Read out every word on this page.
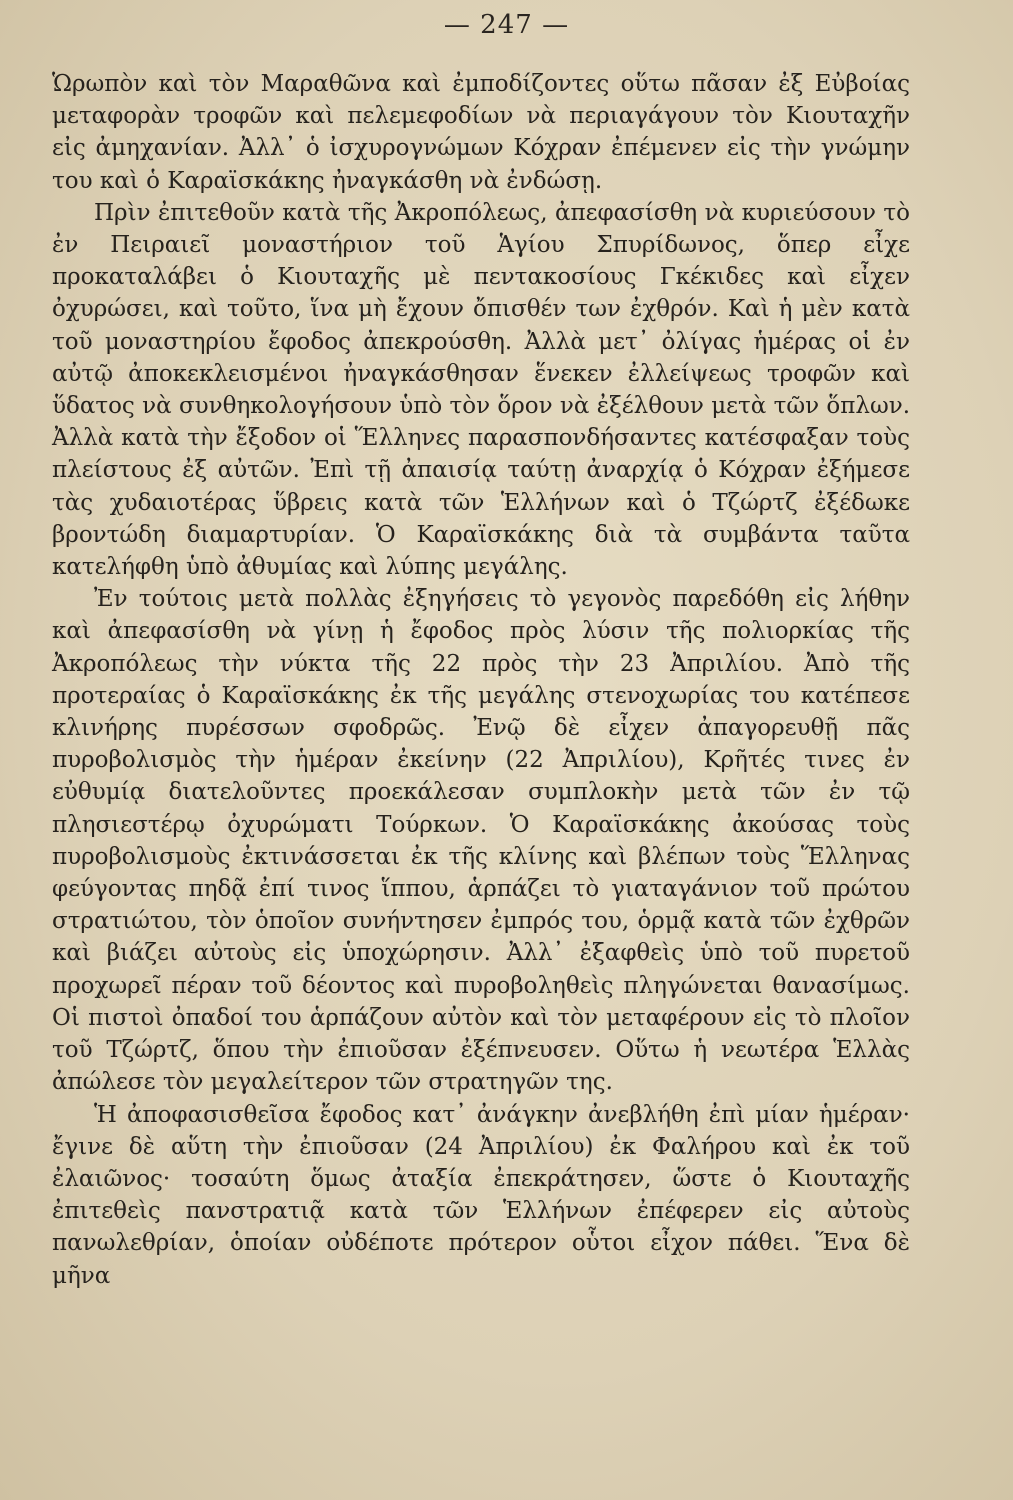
— 247 —

Ὡρωπὸν καὶ τὸν Μαραθῶνα καὶ ἐμποδίζοντες οὕτω πᾶσαν ἐξ Εὐβοίας μεταφορὰν τροφῶν καὶ πελεμεφοδίων νὰ περιαγάγουν τὸν Κιουταχῆν εἰς ἀμηχανίαν. Ἀλλ᾽ ὁ ἰσχυρογνώμων Κόχραν ἐπέμενεν εἰς τὴν γνώμην του καὶ ὁ Καραϊσκάκης ἠναγκάσθη νὰ ἐνδώσῃ.

Πρὶν ἐπιτεθοῦν κατὰ τῆς Ἀκροπόλεως, ἀπεφασίσθη νὰ κυριεύσουν τὸ ἐν Πειραιεῖ μοναστήριον τοῦ Ἁγίου Σπυρίδωνος, ὅπερ εἶχε προκαταλάβει ὁ Κιουταχῆς μὲ πεντακοσίους Γκέκιδες καὶ εἶχεν ὀχυρώσει, καὶ τοῦτο, ἵνα μὴ ἔχουν ὄπισθέν των ἐχθρόν. Καὶ ἡ μὲν κατὰ τοῦ μοναστηρίου ἔφοδος ἀπεκρούσθη. Ἀλλὰ μετ᾽ ὀλίγας ἡμέρας οἱ ἐν αὐτῷ ἀποκεκλεισμένοι ἠναγκάσθησαν ἕνεκεν ἐλλείψεως τροφῶν καὶ ὕδατος νὰ συνθηκολογήσουν ὑπὸ τὸν ὅρον νὰ ἐξέλθουν μετὰ τῶν ὅπλων. Ἀλλὰ κατὰ τὴν ἔξοδον οἱ Ἕλληνες παρασπονδήσαντες κατέσφαξαν τοὺς πλείστους ἐξ αὐτῶν. Ἐπὶ τῇ ἀπαισίᾳ ταύτῃ ἀναρχίᾳ ὁ Κόχραν ἐξήμεσε τὰς χυδαιοτέρας ὕβρεις κατὰ τῶν Ἑλλήνων καὶ ὁ Τζώρτζ ἐξέδωκε βροντώδη διαμαρτυρίαν. Ὁ Καραϊσκάκης διὰ τὰ συμβάντα ταῦτα κατελήφθη ὑπὸ ἀθυμίας καὶ λύπης μεγάλης.

Ἐν τούτοις μετὰ πολλὰς ἐξηγήσεις τὸ γεγονὸς παρεδόθη εἰς λήθην καὶ ἀπεφασίσθη νὰ γίνῃ ἡ ἔφοδος πρὸς λύσιν τῆς πολιορκίας τῆς Ἀκροπόλεως τὴν νύκτα τῆς 22 πρὸς τὴν 23 Ἀπριλίου. Ἀπὸ τῆς προτεραίας ὁ Καραϊσκάκης ἐκ τῆς μεγάλης στενοχωρίας του κατέπεσε κλινήρης πυρέσσων σφοδρῶς. Ἐνῷ δὲ εἶχεν ἀπαγορευθῇ πᾶς πυροβολισμὸς τὴν ἡμέραν ἐκείνην (22 Ἀπριλίου), Κρῆτές τινες ἐν εὐθυμίᾳ διατελοῦντες προεκάλεσαν συμπλοκὴν μετὰ τῶν ἐν τῷ πλησιεστέρῳ ὀχυρώματι Τούρκων. Ὁ Καραϊσκάκης ἀκούσας τοὺς πυροβολισμοὺς ἐκτινάσσεται ἐκ τῆς κλίνης καὶ βλέπων τοὺς Ἕλληνας φεύγοντας πηδᾷ ἐπί τινος ἵππου, ἁρπάζει τὸ γιαταγάνιον τοῦ πρώτου στρατιώτου, τὸν ὁποῖον συνήντησεν ἐμπρός του, ὁρμᾷ κατὰ τῶν ἐχθρῶν καὶ βιάζει αὐτοὺς εἰς ὑποχώρησιν. Ἀλλ᾽ ἐξαφθεὶς ὑπὸ τοῦ πυρετοῦ προχωρεῖ πέραν τοῦ δέοντος καὶ πυροβοληθεὶς πληγώνεται θανασίμως. Οἱ πιστοὶ ὀπαδοί του ἁρπάζουν αὐτὸν καὶ τὸν μεταφέρουν εἰς τὸ πλοῖον τοῦ Τζώρτζ, ὅπου τὴν ἐπιοῦσαν ἐξέπνευσεν. Οὕτω ἡ νεωτέρα Ἑλλὰς ἀπώλεσε τὸν μεγαλείτερον τῶν στρατηγῶν της.

Ἡ ἀποφασισθεῖσα ἔφοδος κατ᾽ ἀνάγκην ἀνεβλήθη ἐπὶ μίαν ἡμέραν· ἔγινε δὲ αὕτη τὴν ἐπιοῦσαν (24 Ἀπριλίου) ἐκ Φαλήρου καὶ ἐκ τοῦ ἐλαιῶνος· τοσαύτη ὅμως ἀταξία ἐπεκράτησεν, ὥστε ὁ Κιουταχῆς ἐπιτεθεὶς πανστρατιᾷ κατὰ τῶν Ἑλλήνων ἐπέφερεν εἰς αὐτοὺς πανωλεθρίαν, ὁποίαν οὐδέποτε πρότερον οὗτοι εἶχον πάθει. Ἕνα δὲ μῆνα
